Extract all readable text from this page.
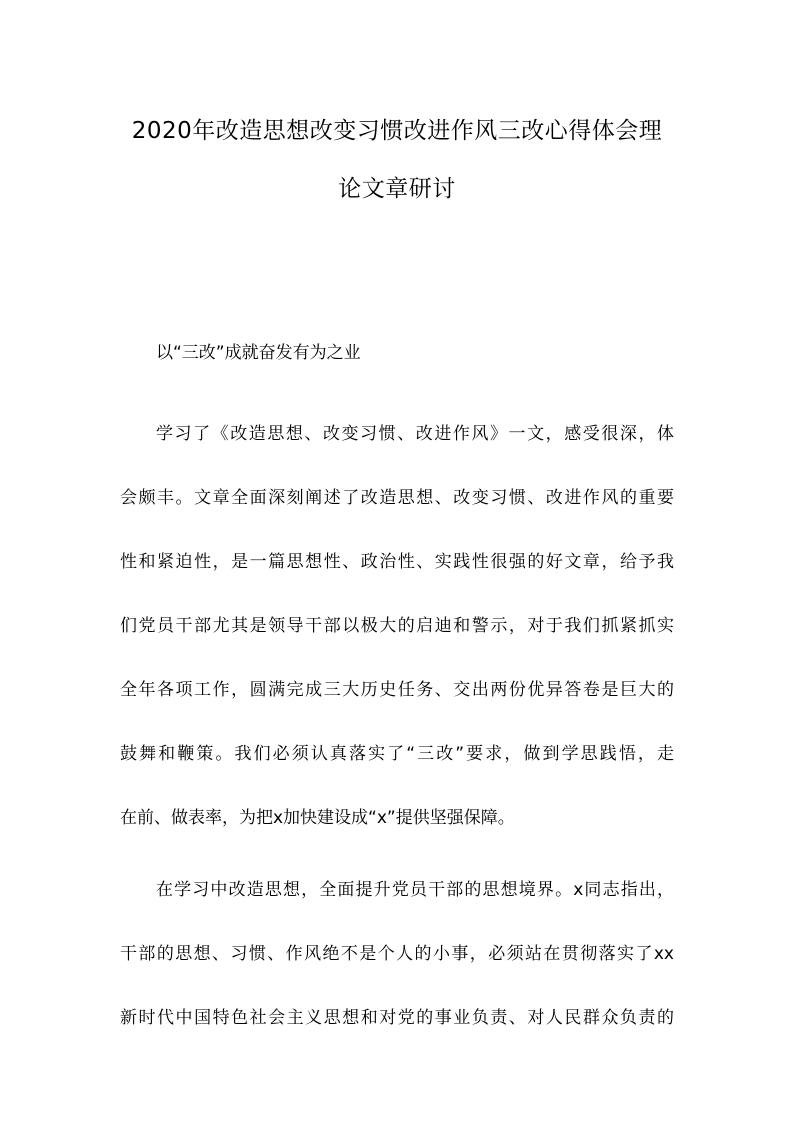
2020年改造思想改变习惯改进作风三改心得体会理
论文章研讨
以“三改”成就奋发有为之业
学习了《改造思想、改变习惯、改进作风》一文，感受很深，体
会颇丰。文章全面深刻阐述了改造思想、改变习惯、改进作风的重要
性和紧迫性，是一篇思想性、政治性、实践性很强的好文章，给予我
们党员干部尤其是领导干部以极大的启迪和警示，对于我们抓紧抓实
全年各项工作，圆满完成三大历史任务、交出两份优异答卷是巨大的
鼓舞和鞭策。我们必须认真落实了“三改”要求，做到学思践悟，走
在前、做表率，为把x加快建设成“x”提供坚强保障。
在学习中改造思想，全面提升党员干部的思想境界。x同志指出，
干部的思想、习惯、作风绝不是个人的小事，必须站在贯彻落实了xx
新时代中国特色社会主义思想和对党的事业负责、对人民群众负责的
